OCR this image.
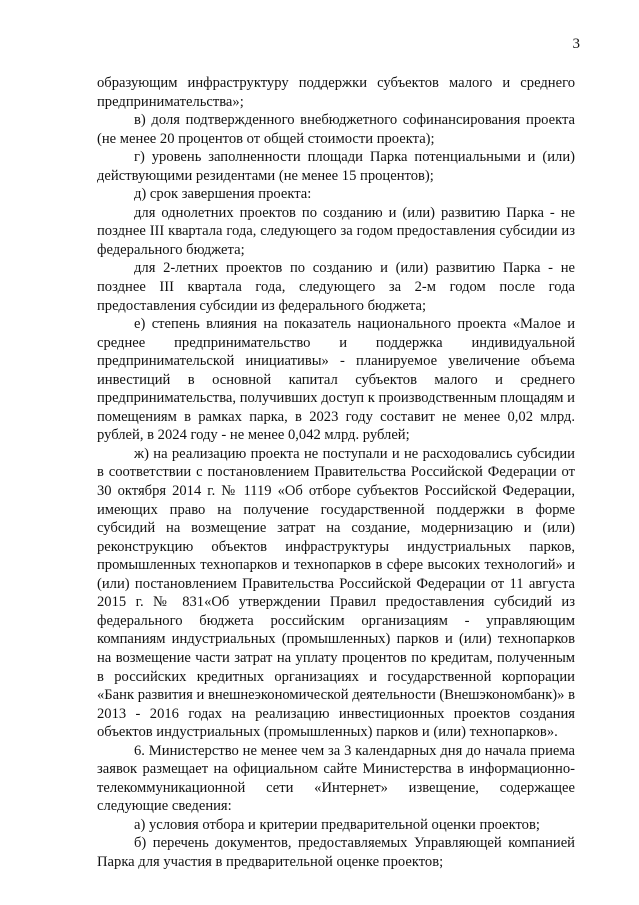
3

образующим инфраструктуру поддержки субъектов малого и среднего предпринимательства»;

в) доля подтвержденного внебюджетного софинансирования проекта (не менее 20 процентов от общей стоимости проекта);

г) уровень заполненности площади Парка потенциальными и (или) действующими резидентами (не менее 15 процентов);

д) срок завершения проекта:

для однолетних проектов по созданию и (или) развитию Парка - не позднее III квартала года, следующего за годом предоставления субсидии из федерального бюджета;

для 2-летних проектов по созданию и (или) развитию Парка - не позднее III квартала года, следующего за 2-м годом после года предоставления субсидии из федерального бюджета;

е) степень влияния на показатель национального проекта «Малое и среднее предпринимательство и поддержка индивидуальной предпринимательской инициативы» - планируемое увеличение объема инвестиций в основной капитал субъектов малого и среднего предпринимательства, получивших доступ к производственным площадям и помещениям в рамках парка, в 2023 году составит не менее 0,02 млрд. рублей, в 2024 году - не менее 0,042 млрд. рублей;

ж) на реализацию проекта не поступали и не расходовались субсидии в соответствии с постановлением Правительства Российской Федерации от 30 октября 2014 г. № 1119 «Об отборе субъектов Российской Федерации, имеющих право на получение государственной поддержки в форме субсидий на возмещение затрат на создание, модернизацию и (или) реконструкцию объектов инфраструктуры индустриальных парков, промышленных технопарков и технопарков в сфере высоких технологий» и (или) постановлением Правительства Российской Федерации от 11 августа 2015 г. № 831«Об утверждении Правил предоставления субсидий из федерального бюджета российским организациям - управляющим компаниям индустриальных (промышленных) парков и (или) технопарков на возмещение части затрат на уплату процентов по кредитам, полученным в российских кредитных организациях и государственной корпорации «Банк развития и внешнеэкономической деятельности (Внешэкономбанк)» в 2013 - 2016 годах на реализацию инвестиционных проектов создания объектов индустриальных (промышленных) парков и (или) технопарков».

6. Министерство не менее чем за 3 календарных дня до начала приема заявок размещает на официальном сайте Министерства в информационно-телекоммуникационной сети «Интернет» извещение, содержащее следующие сведения:

а) условия отбора и критерии предварительной оценки проектов;

б) перечень документов, предоставляемых Управляющей компанией Парка для участия в предварительной оценке проектов;
